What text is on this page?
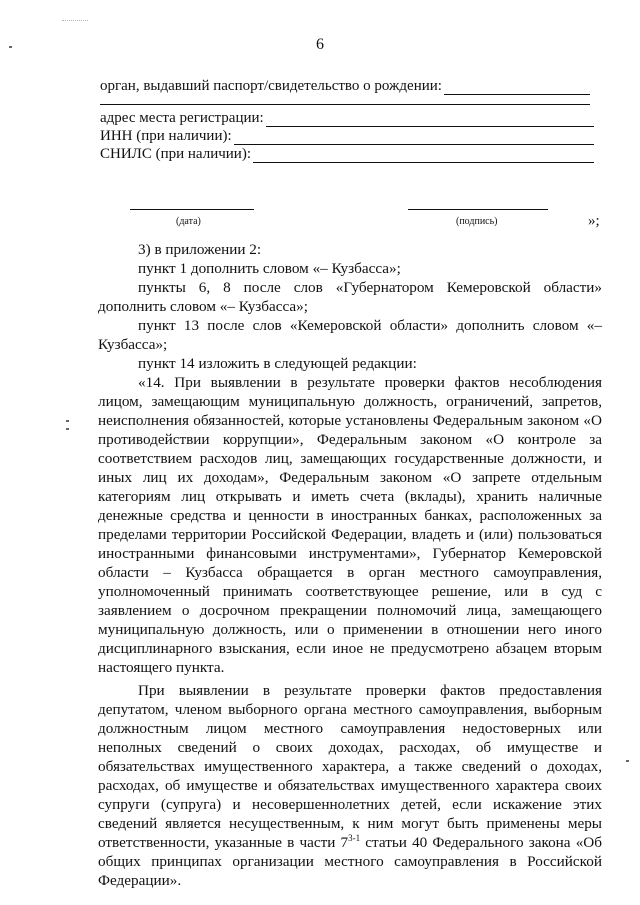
6
орган, выдавший паспорт/свидетельство о рождении:
адрес места регистрации:
ИНН (при наличии):
СНИЛС (при наличии):
(дата)	(подпись)	»;

3) в приложении 2:

пункт 1 дополнить словом «– Кузбасса»;

пункты 6, 8 после слов «Губернатором Кемеровской области» дополнить словом «– Кузбасса»;

пункт 13 после слов «Кемеровской области» дополнить словом «– Кузбасса»;

пункт 14 изложить в следующей редакции:

«14. При выявлении в результате проверки фактов несоблюдения лицом, замещающим муниципальную должность, ограничений, запретов, неисполнения обязанностей, которые установлены Федеральным законом «О противодействии коррупции», Федеральным законом «О контроле за соответствием расходов лиц, замещающих государственные должности, и иных лиц их доходам», Федеральным законом «О запрете отдельным категориям лиц открывать и иметь счета (вклады), хранить наличные денежные средства и ценности в иностранных банках, расположенных за пределами территории Российской Федерации, владеть и (или) пользоваться иностранными финансовыми инструментами», Губернатор Кемеровской области – Кузбасса обращается в орган местного самоуправления, уполномоченный принимать соответствующее решение, или в суд с заявлением о досрочном прекращении полномочий лица, замещающего муниципальную должность, или о применении в отношении него иного дисциплинарного взыскания, если иное не предусмотрено абзацем вторым настоящего пункта.

При выявлении в результате проверки фактов предоставления депутатом, членом выборного органа местного самоуправления, выборным должностным лицом местного самоуправления недостоверных или неполных сведений о своих доходах, расходах, об имуществе и обязательствах имущественного характера, а также сведений о доходах, расходах, об имуществе и обязательствах имущественного характера своих супруги (супруга) и несовершеннолетних детей, если искажение этих сведений является несущественным, к ним могут быть применены меры ответственности, указанные в части 7$^{3-1}$ статьи 40 Федерального закона «Об общих принципах организации местного самоуправления в Российской Федерации».
